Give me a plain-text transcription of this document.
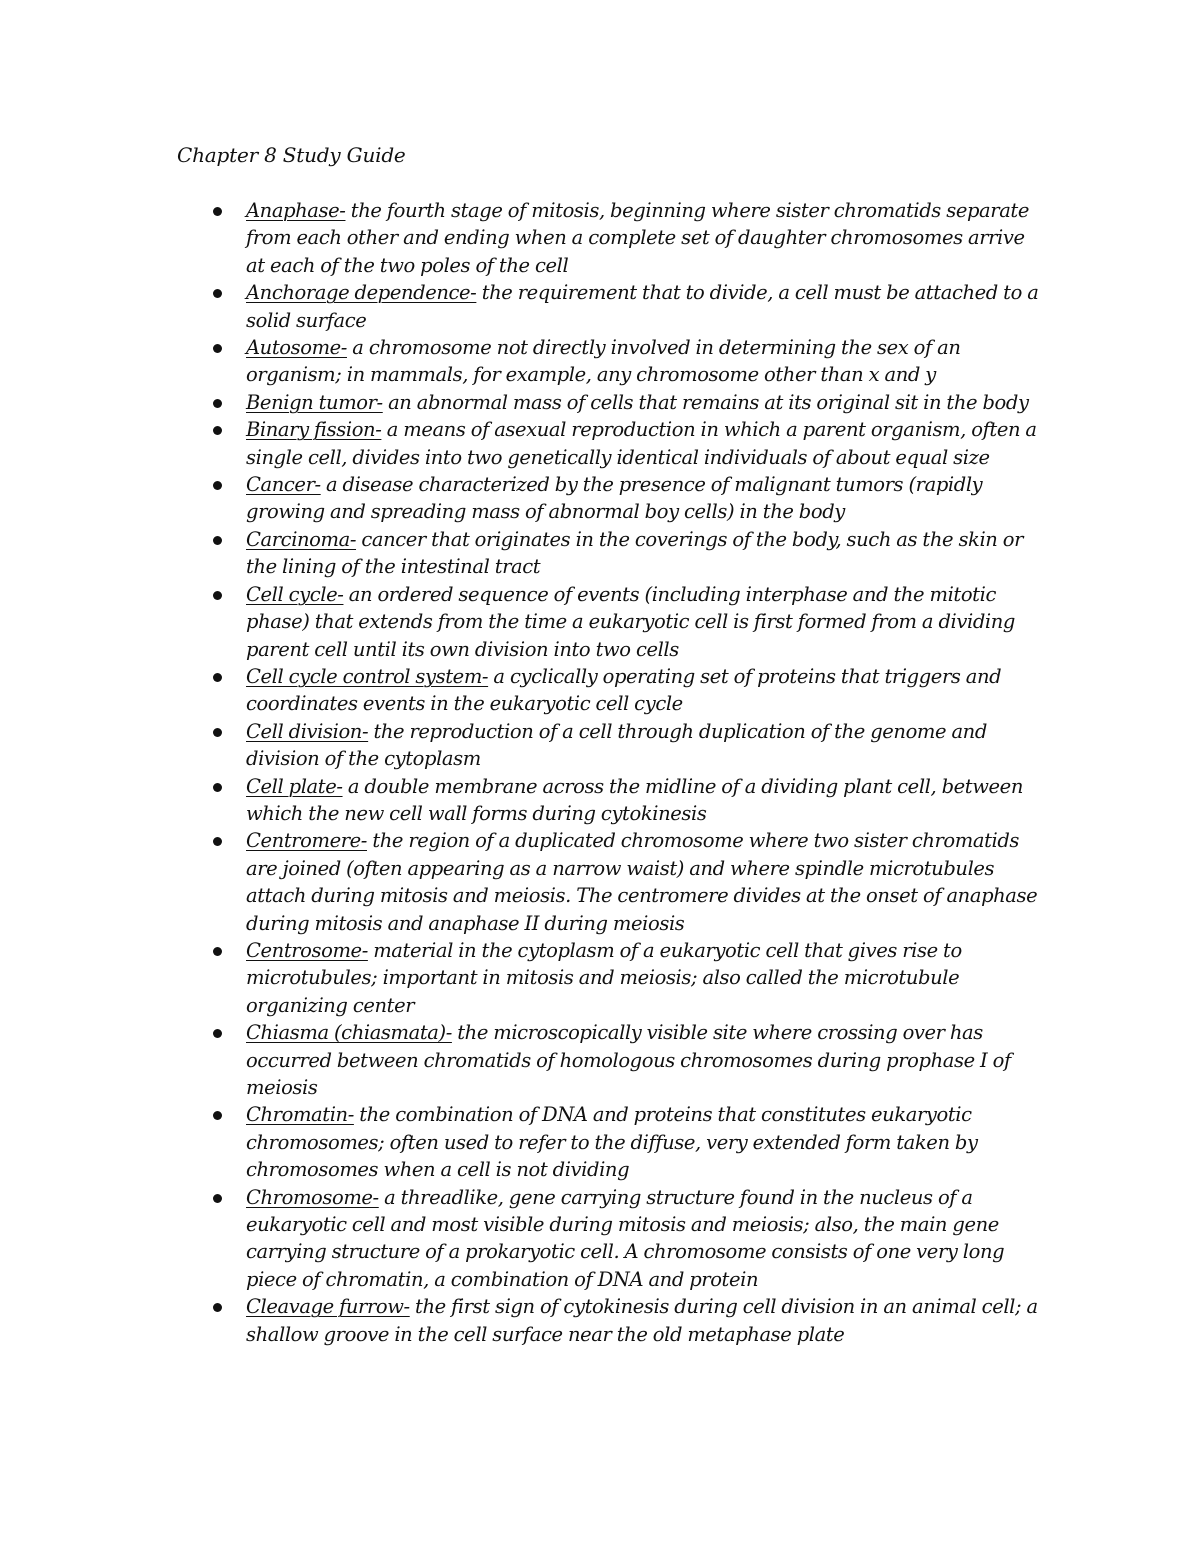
Chapter 8 Study Guide
Anaphase- the fourth stage of mitosis, beginning where sister chromatids separate from each other and ending when a complete set of daughter chromosomes arrive at each of the two poles of the cell
Anchorage dependence- the requirement that to divide, a cell must be attached to a solid surface
Autosome- a chromosome not directly involved in determining the sex of an organism; in mammals, for example, any chromosome other than x and y
Benign tumor- an abnormal mass of cells that remains at its original sit in the body
Binary fission- a means of asexual reproduction in which a parent organism, often a single cell, divides into two genetically identical individuals of about equal size
Cancer- a disease characterized by the presence of malignant tumors (rapidly growing and spreading mass of abnormal boy cells) in the body
Carcinoma- cancer that originates in the coverings of the body, such as the skin or the lining of the intestinal tract
Cell cycle- an ordered sequence of events (including interphase and the mitotic phase) that extends from the time a eukaryotic cell is first formed from a dividing parent cell until its own division into two cells
Cell cycle control system- a cyclically operating set of proteins that triggers and coordinates events in the eukaryotic cell cycle
Cell division- the reproduction of a cell through duplication of the genome and division of the cytoplasm
Cell plate- a double membrane across the midline of a dividing plant cell, between which the new cell wall forms during cytokinesis
Centromere- the region of a duplicated chromosome where two sister chromatids are joined (often appearing as a narrow waist) and where spindle microtubules attach during mitosis and meiosis. The centromere divides at the onset of anaphase during mitosis and anaphase II during meiosis
Centrosome- material in the cytoplasm of a eukaryotic cell that gives rise to microtubules; important in mitosis and meiosis; also called the microtubule organizing center
Chiasma (chiasmata)- the microscopically visible site where crossing over has occurred between chromatids of homologous chromosomes during prophase I of meiosis
Chromatin- the combination of DNA and proteins that constitutes eukaryotic chromosomes; often used to refer to the diffuse, very extended form taken by chromosomes when a cell is not dividing
Chromosome- a threadlike, gene carrying structure found in the nucleus of a eukaryotic cell and most visible during mitosis and meiosis; also, the main gene carrying structure of a prokaryotic cell. A chromosome consists of one very long piece of chromatin, a combination of DNA and protein
Cleavage furrow- the first sign of cytokinesis during cell division in an animal cell; a shallow groove in the cell surface near the old metaphase plate
